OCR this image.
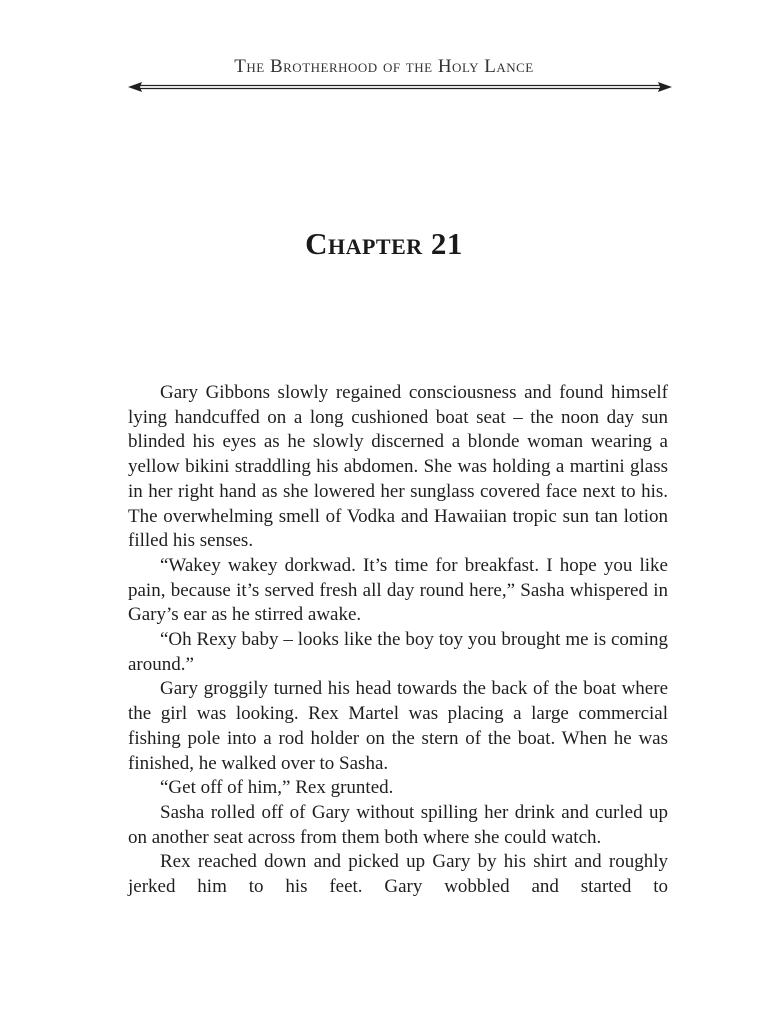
The Brotherhood of the Holy Lance
Chapter 21

Gary Gibbons slowly regained consciousness and found himself lying handcuffed on a long cushioned boat seat – the noon day sun blinded his eyes as he slowly discerned a blonde woman wearing a yellow bikini straddling his abdomen. She was holding a martini glass in her right hand as she lowered her sunglass covered face next to his. The overwhelming smell of Vodka and Hawaiian tropic sun tan lotion filled his senses.

“Wakey wakey dorkwad. It’s time for breakfast. I hope you like pain, because it’s served fresh all day round here,” Sasha whispered in Gary’s ear as he stirred awake.

“Oh Rexy baby – looks like the boy toy you brought me is coming around.”

Gary groggily turned his head towards the back of the boat where the girl was looking. Rex Martel was placing a large commercial fishing pole into a rod holder on the stern of the boat. When he was finished, he walked over to Sasha.

“Get off of him,” Rex grunted.

Sasha rolled off of Gary without spilling her drink and curled up on another seat across from them both where she could watch.

Rex reached down and picked up Gary by his shirt and roughly jerked him to his feet. Gary wobbled and started to
